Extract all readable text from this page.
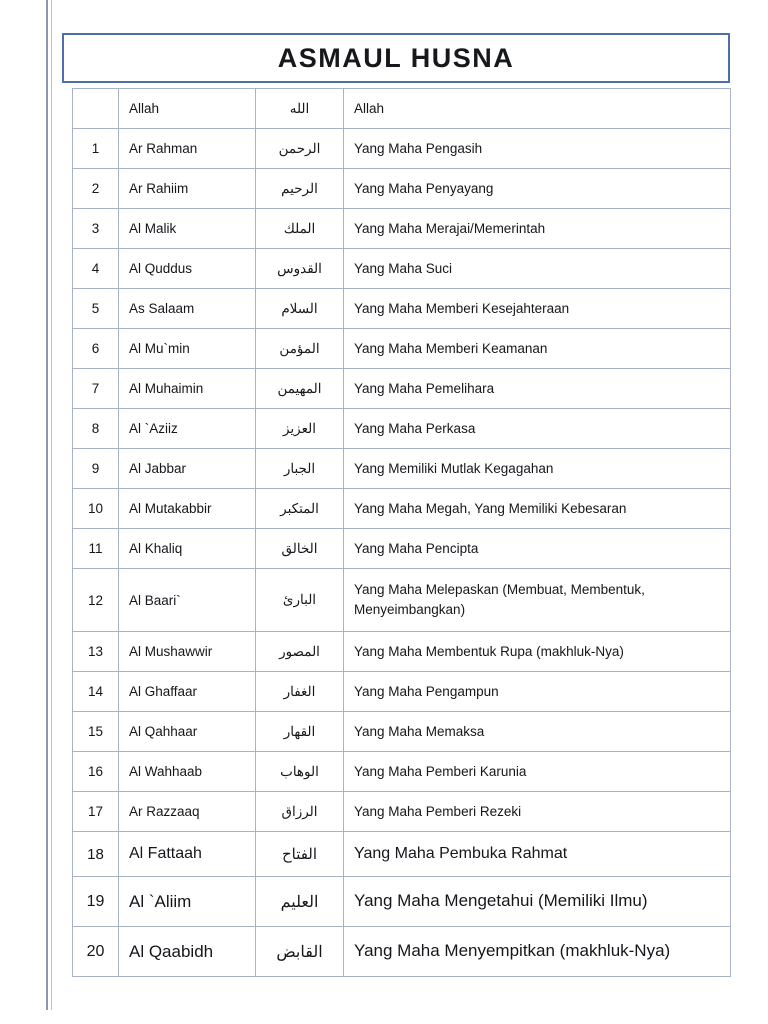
ASMAUL HUSNA
	Allah	الله	Allah
1	Ar Rahman	الرحمن	Yang Maha Pengasih
2	Ar Rahiim	الرحيم	Yang Maha Penyayang
3	Al Malik	الملك	Yang Maha Merajai/Memerintah
4	Al Quddus	القدوس	Yang Maha Suci
5	As Salaam	السلام	Yang Maha Memberi Kesejahteraan
6	Al Mu`min	المؤمن	Yang Maha Memberi Keamanan
7	Al Muhaimin	المهيمن	Yang Maha Pemelihara
8	Al `Aziiz	العزيز	Yang Maha Perkasa
9	Al Jabbar	الجبار	Yang Memiliki Mutlak Kegagahan
10	Al Mutakabbir	المتكبر	Yang Maha Megah, Yang Memiliki Kebesaran
11	Al Khaliq	الخالق	Yang Maha Pencipta
12	Al Baari`	البارئ	Yang Maha Melepaskan (Membuat, Membentuk, Menyeimbangkan)
13	Al Mushawwir	المصور	Yang Maha Membentuk Rupa (makhluk-Nya)
14	Al Ghaffaar	الغفار	Yang Maha Pengampun
15	Al Qahhaar	القهار	Yang Maha Memaksa
16	Al Wahhaab	الوهاب	Yang Maha Pemberi Karunia
17	Ar Razzaaq	الرزاق	Yang Maha Pemberi Rezeki
18	Al Fattaah	الفتاح	Yang Maha Pembuka Rahmat
19	Al `Aliim	العليم	Yang Maha Mengetahui (Memiliki Ilmu)
20	Al Qaabidh	القابض	Yang Maha Menyempitkan (makhluk-Nya)
